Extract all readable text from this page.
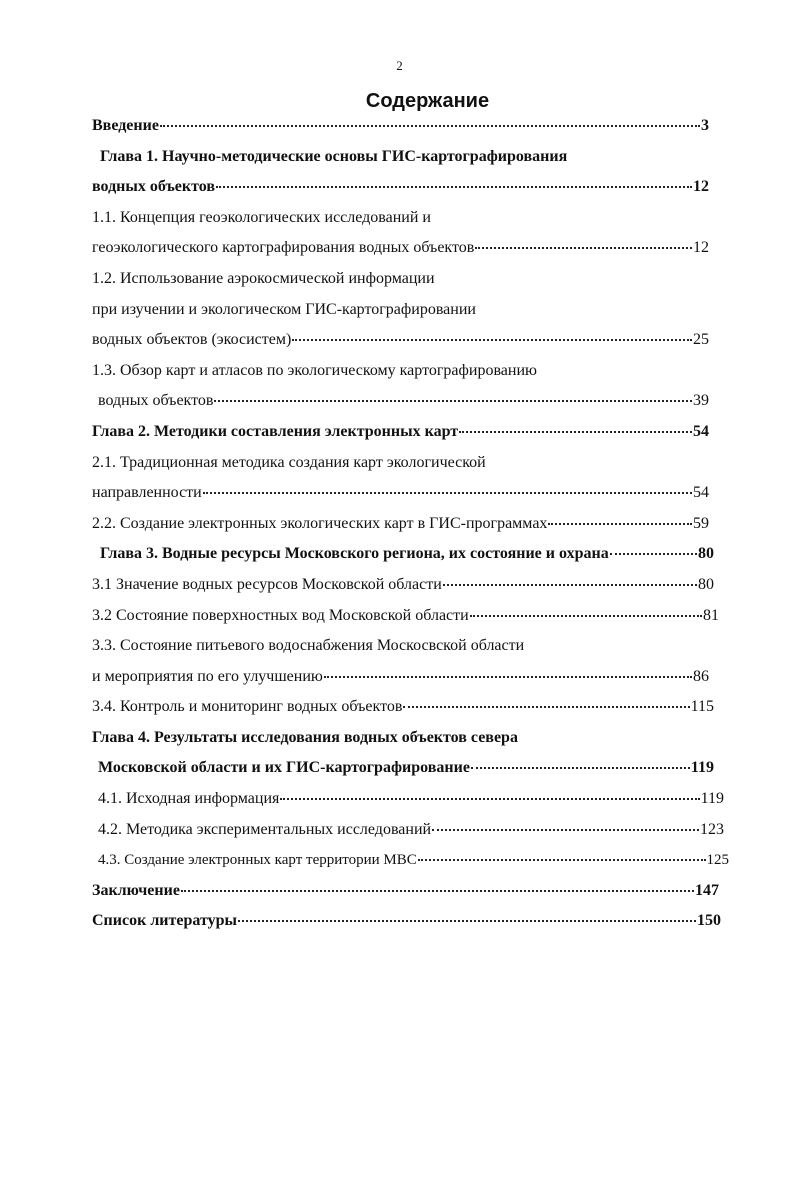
2
Содержание
Введение	3
Глава 1. Научно-методические основы ГИС-картографирования
водных объектов	12
1.1. Концепция геоэкологических исследований и
геоэкологического картографирования водных объектов	12
1.2. Использование аэрокосмической информации
при изучении и экологическом ГИС-картографировании
водных объектов (экосистем)	25
1.3. Обзор карт и атласов по экологическому картографированию
водных объектов	39
Глава 2. Методики составления электронных карт	54
2.1. Традиционная методика создания карт экологической
направленности	54
2.2. Создание электронных экологических карт в ГИС-программах	59
Глава 3. Водные ресурсы Московского региона, их состояние и охрана	80
3.1 Значение водных ресурсов Московской области	80
3.2 Состояние поверхностных вод Московской области	81
3.3. Состояние питьевого водоснабжения Москосвской области
и мероприятия по его улучшению	86
3.4. Контроль и мониторинг водных объектов	115
Глава 4. Результаты исследования водных объектов севера
Московской области и их ГИС-картографирование	119
4.1. Исходная информация	119
4.2. Методика экспериментальных исследований	123
4.3. Создание электронных карт территории МВС	125
Заключение	147
Список литературы	150
